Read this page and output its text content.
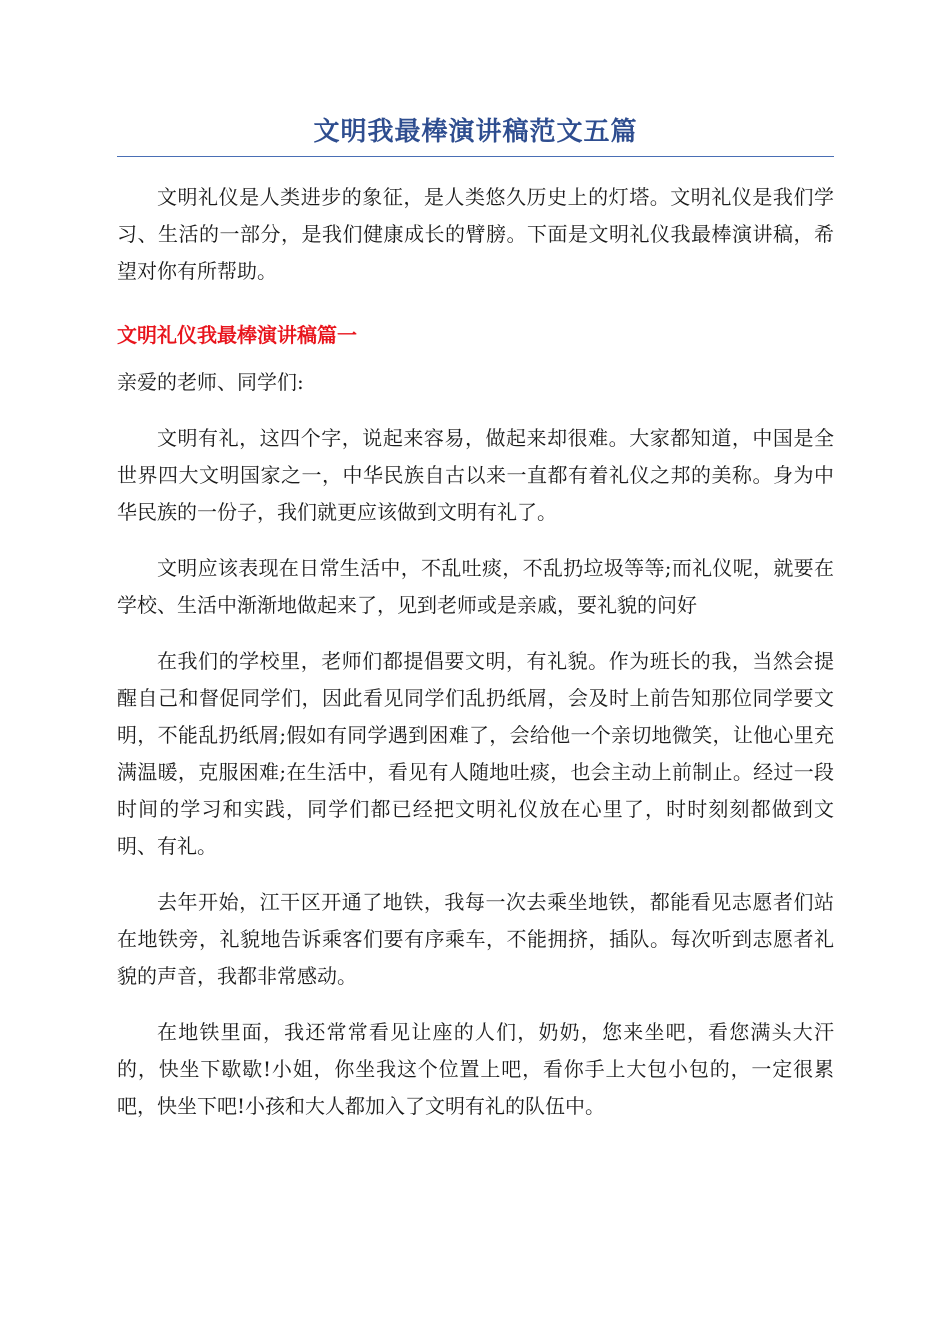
文明我最棒演讲稿范文五篇

文明礼仪是人类进步的象征，是人类悠久历史上的灯塔。文明礼仪是我们学习、生活的一部分，是我们健康成长的臂膀。下面是文明礼仪我最棒演讲稿，希望对你有所帮助。

文明礼仪我最棒演讲稿篇一

亲爱的老师、同学们:

文明有礼，这四个字，说起来容易，做起来却很难。大家都知道，中国是全世界四大文明国家之一，中华民族自古以来一直都有着礼仪之邦的美称。身为中华民族的一份子，我们就更应该做到文明有礼了。

文明应该表现在日常生活中，不乱吐痰，不乱扔垃圾等等;而礼仪呢，就要在学校、生活中渐渐地做起来了，见到老师或是亲戚，要礼貌的问好

在我们的学校里，老师们都提倡要文明，有礼貌。作为班长的我，当然会提醒自己和督促同学们，因此看见同学们乱扔纸屑，会及时上前告知那位同学要文明，不能乱扔纸屑;假如有同学遇到困难了，会给他一个亲切地微笑，让他心里充满温暖，克服困难;在生活中，看见有人随地吐痰，也会主动上前制止。经过一段时间的学习和实践，同学们都已经把文明礼仪放在心里了，时时刻刻都做到文明、有礼。

去年开始，江干区开通了地铁，我每一次去乘坐地铁，都能看见志愿者们站在地铁旁，礼貌地告诉乘客们要有序乘车，不能拥挤，插队。每次听到志愿者礼貌的声音，我都非常感动。

在地铁里面，我还常常看见让座的人们，奶奶，您来坐吧，看您满头大汗的，快坐下歇歇!小姐，你坐我这个位置上吧，看你手上大包小包的，一定很累吧，快坐下吧!小孩和大人都加入了文明有礼的队伍中。
